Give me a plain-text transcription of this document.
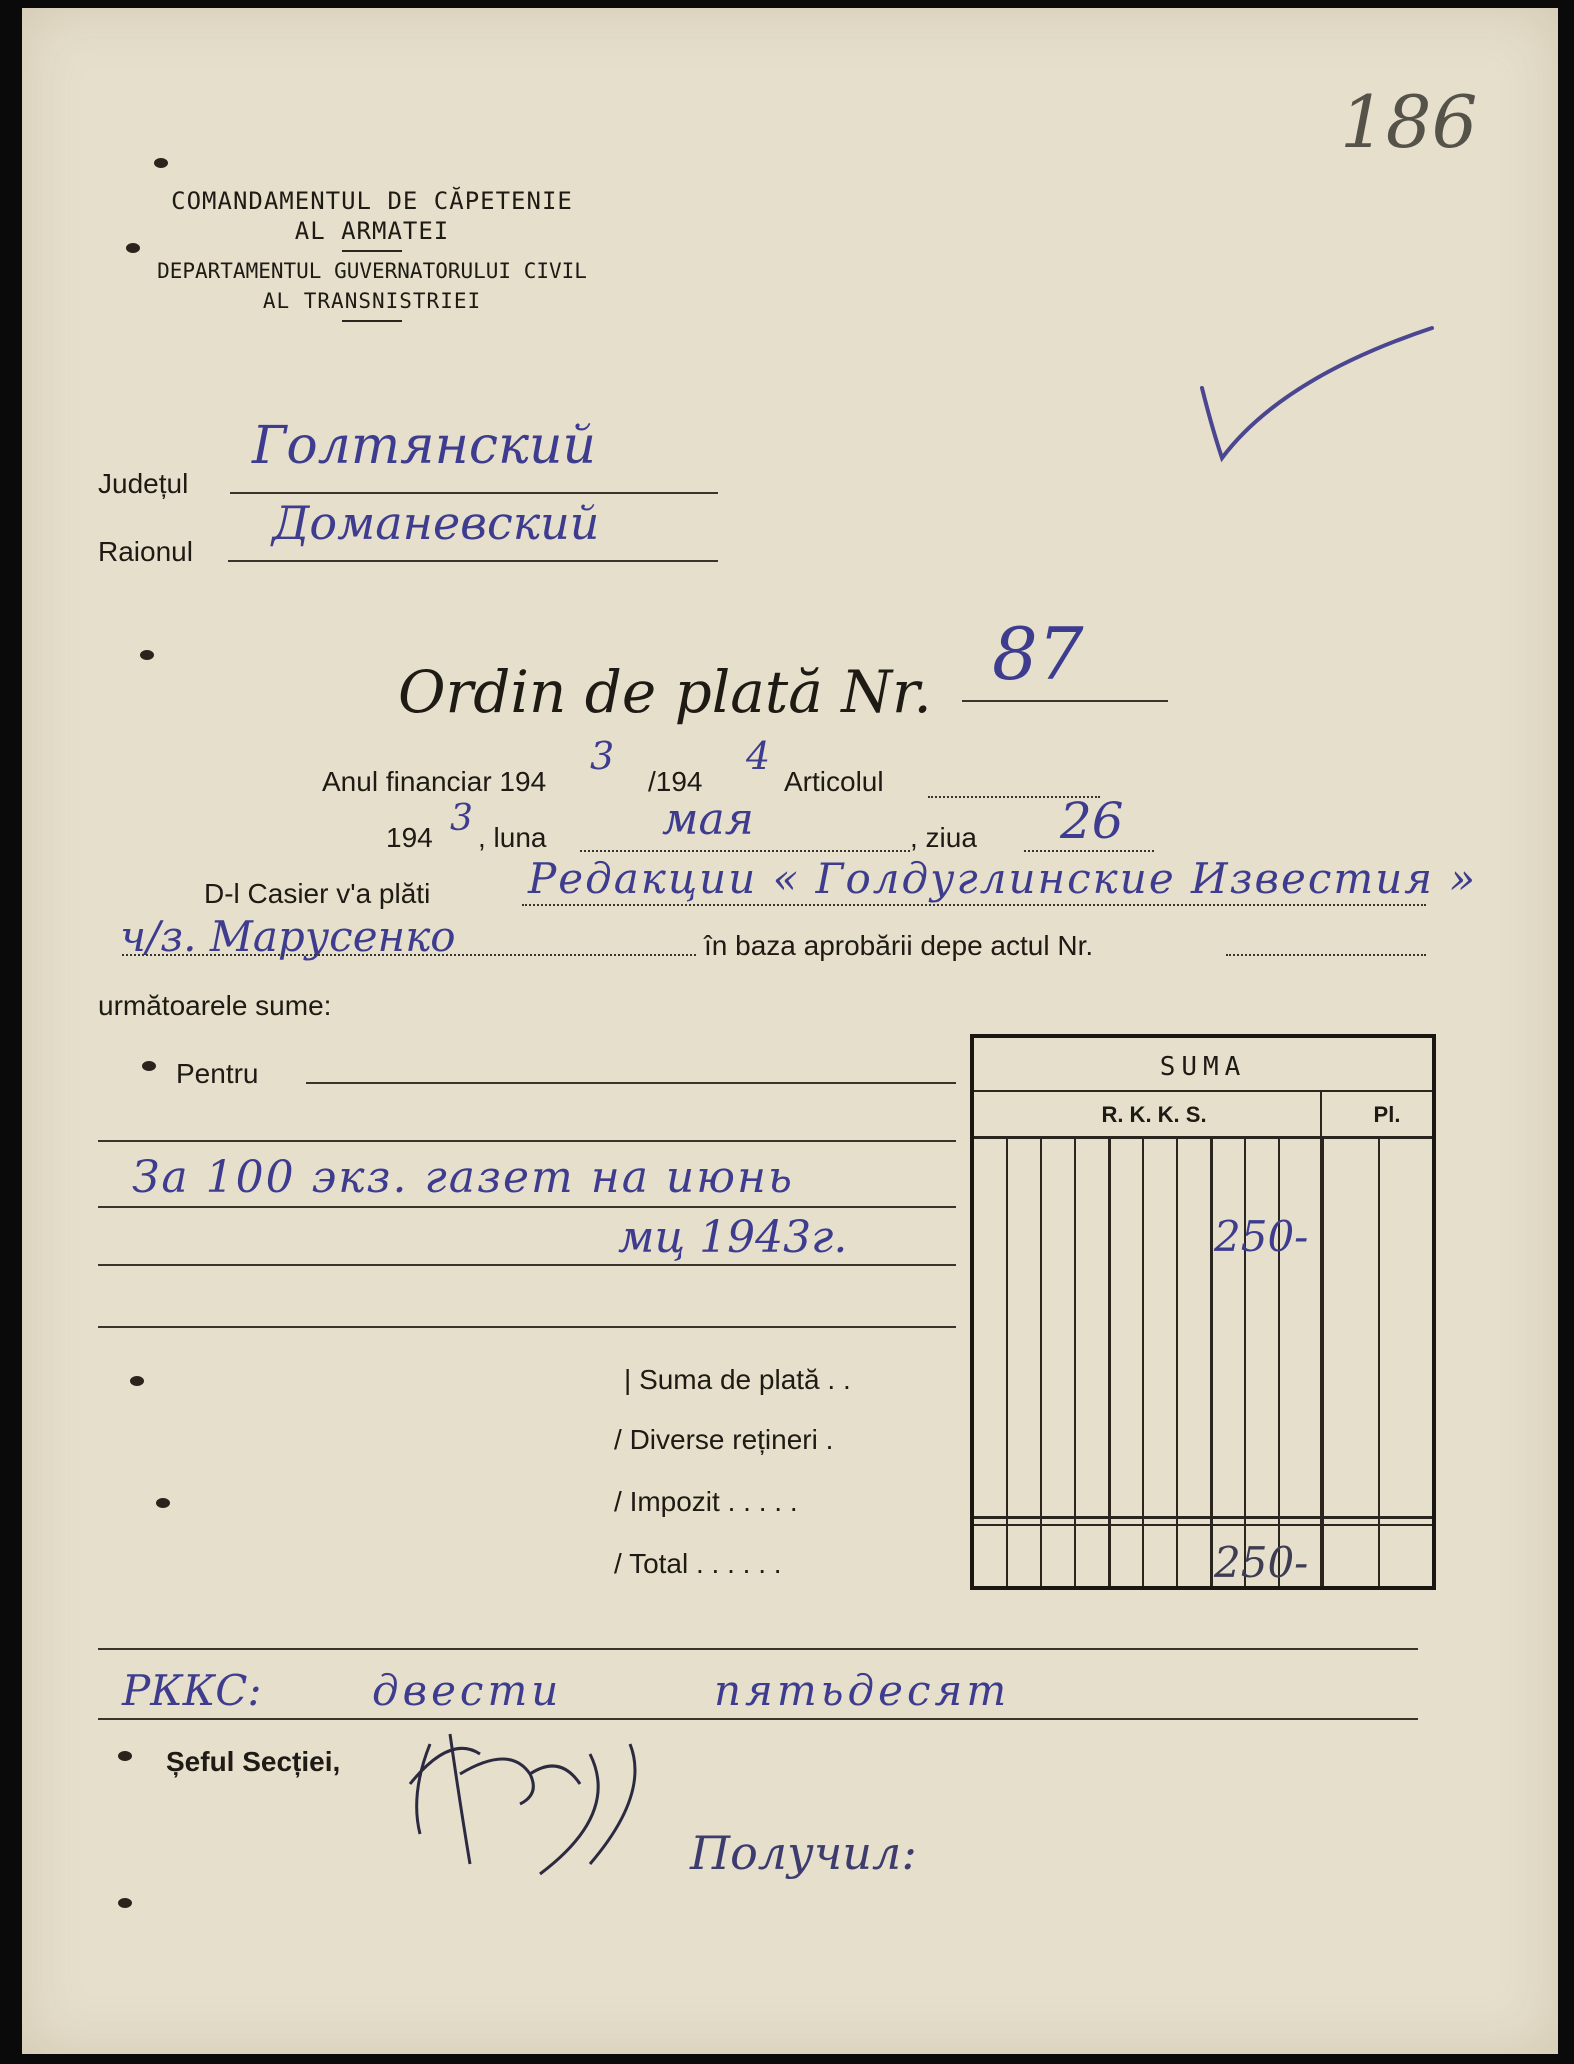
186
COMANDAMENTUL DE CĂPETENIE
AL ARMATEI
DEPARTAMENTUL GUVERNATORULUI CIVIL
AL TRANSNISTRIEI
Județul
Голтянский
Raionul
Доманевский
Ordin de plată Nr. 87
Anul financiar 194
3
/194
4
Articolul
194 3 , luna	мая	, ziua 26
D-l Casier v'a plăti Редакции « Голдуглинские Известия »
ч/з. Марусенко	în baza aprobării depe actul Nr.
următoarele sume:
Pentru
За 100 экз. газет на июнь
мц 1943г.
| Suma de plată . .
/ Diverse rețineri .
/ Impozit . . . . .
/ Total . . . . . .
SUMA
R. K. K. S.	Pl.
250-
250-
РККС:	двести	пятьдесят
Șeful Secției,
Получил:
